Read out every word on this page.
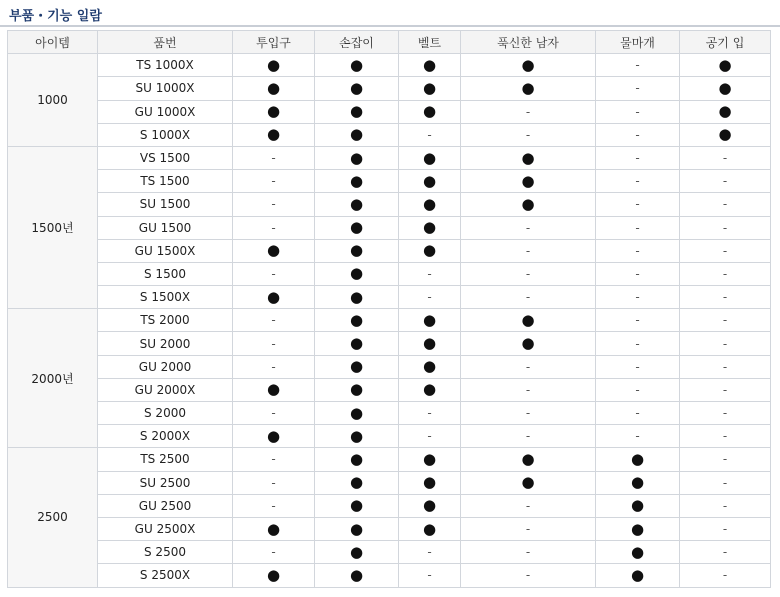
부품・기능 일람
아이템	품번	투입구	손잡이	벨트	푹신한 남자	물마개	공기 입
1000	TS 1000X	●	●	●	●	-	●
	SU 1000X	●	●	●	●	-	●
	GU 1000X	●	●	●	-	-	●
	S 1000X	●	●	-	-	-	●
1500년	VS 1500	-	●	●	●	-	-
	TS 1500	-	●	●	●	-	-
	SU 1500	-	●	●	●	-	-
	GU 1500	-	●	●	-	-	-
	GU 1500X	●	●	●	-	-	-
	S 1500	-	●	-	-	-	-
	S 1500X	●	●	-	-	-	-
2000년	TS 2000	-	●	●	●	-	-
	SU 2000	-	●	●	●	-	-
	GU 2000	-	●	●	-	-	-
	GU 2000X	●	●	●	-	-	-
	S 2000	-	●	-	-	-	-
	S 2000X	●	●	-	-	-	-
2500	TS 2500	-	●	●	●	●	-
	SU 2500	-	●	●	●	●	-
	GU 2500	-	●	●	-	●	-
	GU 2500X	●	●	●	-	●	-
	S 2500	-	●	-	-	●	-
	S 2500X	●	●	-	-	●	-
